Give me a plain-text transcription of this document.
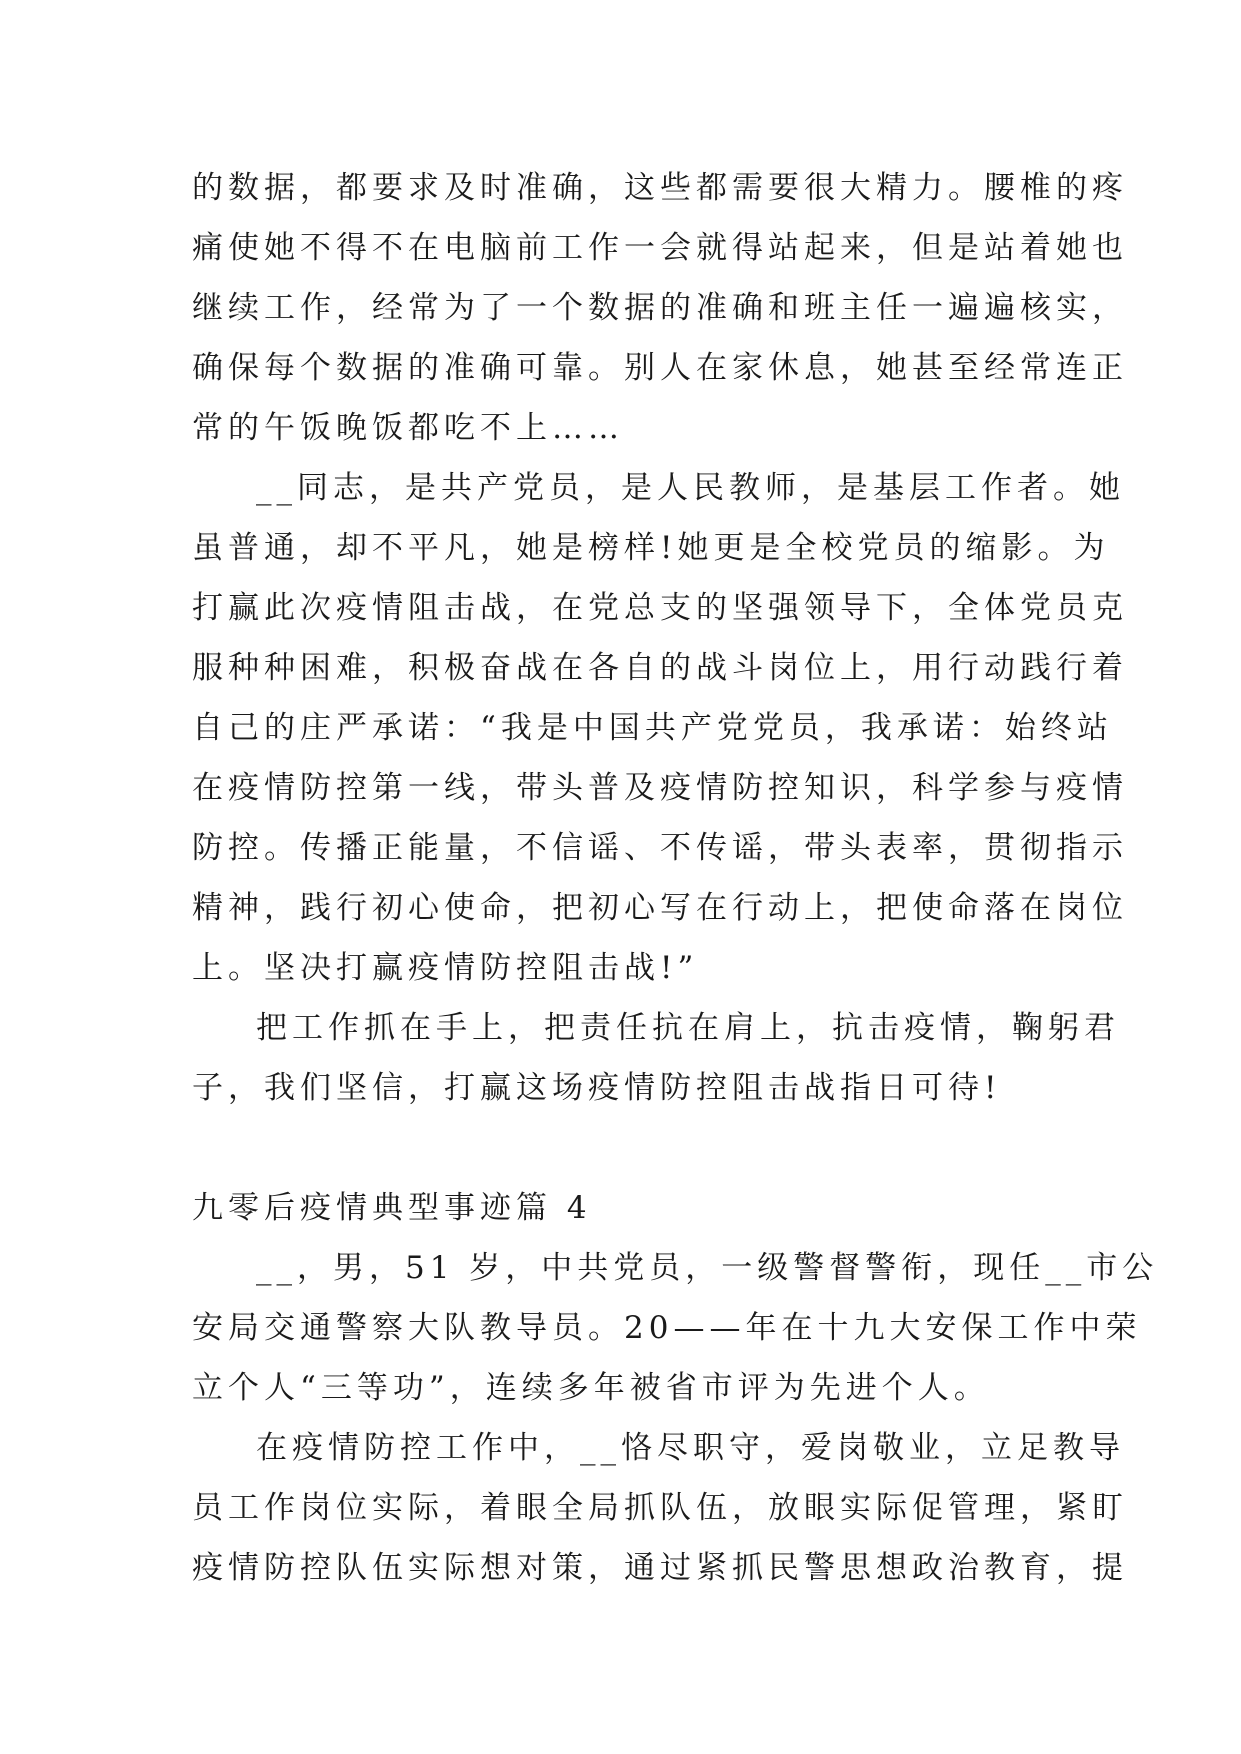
的数据，都要求及时准确，这些都需要很大精力。腰椎的疼
痛使她不得不在电脑前工作一会就得站起来，但是站着她也
继续工作，经常为了一个数据的准确和班主任一遍遍核实，
确保每个数据的准确可靠。别人在家休息，她甚至经常连正
常的午饭晚饭都吃不上……
__同志，是共产党员，是人民教师，是基层工作者。她
虽普通，却不平凡，她是榜样!她更是全校党员的缩影。为
打赢此次疫情阻击战，在党总支的坚强领导下，全体党员克
服种种困难，积极奋战在各自的战斗岗位上，用行动践行着
自己的庄严承诺：“我是中国共产党党员，我承诺：始终站
在疫情防控第一线，带头普及疫情防控知识，科学参与疫情
防控。传播正能量，不信谣、不传谣，带头表率，贯彻指示
精神，践行初心使命，把初心写在行动上，把使命落在岗位
上。坚决打赢疫情防控阻击战!”
把工作抓在手上，把责任抗在肩上，抗击疫情，鞠躬君
子，我们坚信，打赢这场疫情防控阻击战指日可待!
九零后疫情典型事迹篇 4
__，男，51 岁，中共党员，一级警督警衔，现任__市公
安局交通警察大队教导员。20——年在十九大安保工作中荣
立个人“三等功”，连续多年被省市评为先进个人。
在疫情防控工作中，__恪尽职守，爱岗敬业，立足教导
员工作岗位实际，着眼全局抓队伍，放眼实际促管理，紧盯
疫情防控队伍实际想对策，通过紧抓民警思想政治教育，提
